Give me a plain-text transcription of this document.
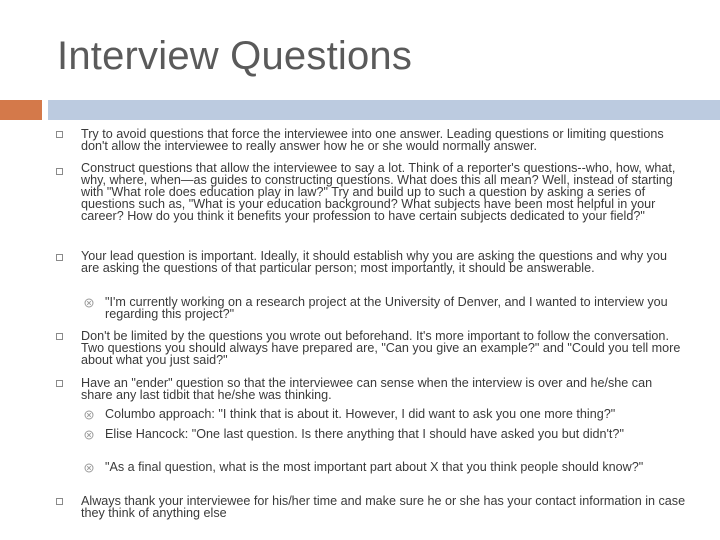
Interview Questions

Try to avoid questions that force the interviewee into one answer. Leading questions or limiting questions don't allow the interviewee to really answer how he or she would normally answer.

Construct questions that allow the interviewee to say a lot. Think of a reporter's questions--who, how, what, why, where, when—as guides to constructing questions. What does this all mean? Well, instead of starting with "What role does education play in law?" Try and build up to such a question by asking a series of questions such as, "What is your education background? What subjects have been most helpful in your career? How do you think it benefits your profession to have certain subjects dedicated to your field?"

Your lead question is important. Ideally, it should establish why you are asking the questions and why you are asking the questions of that particular person; most importantly, it should be answerable.

"I'm currently working on a research project at the University of Denver, and I wanted to interview you regarding this project?"

Don't be limited by the questions you wrote out beforehand. It's more important to follow the conversation. Two questions you should always have prepared are, "Can you give an example?" and "Could you tell more about what you just said?"

Have an "ender" question so that the interviewee can sense when the interview is over and he/she can share any last tidbit that he/she was thinking.

Columbo approach: "I think that is about it. However, I did want to ask you one more thing?"

Elise Hancock: "One last question. Is there anything that I should have asked you but didn't?"

"As a final question, what is the most important part about X that you think people should know?"

Always thank your interviewee for his/her time and make sure he or she has your contact information in case they think of anything else
